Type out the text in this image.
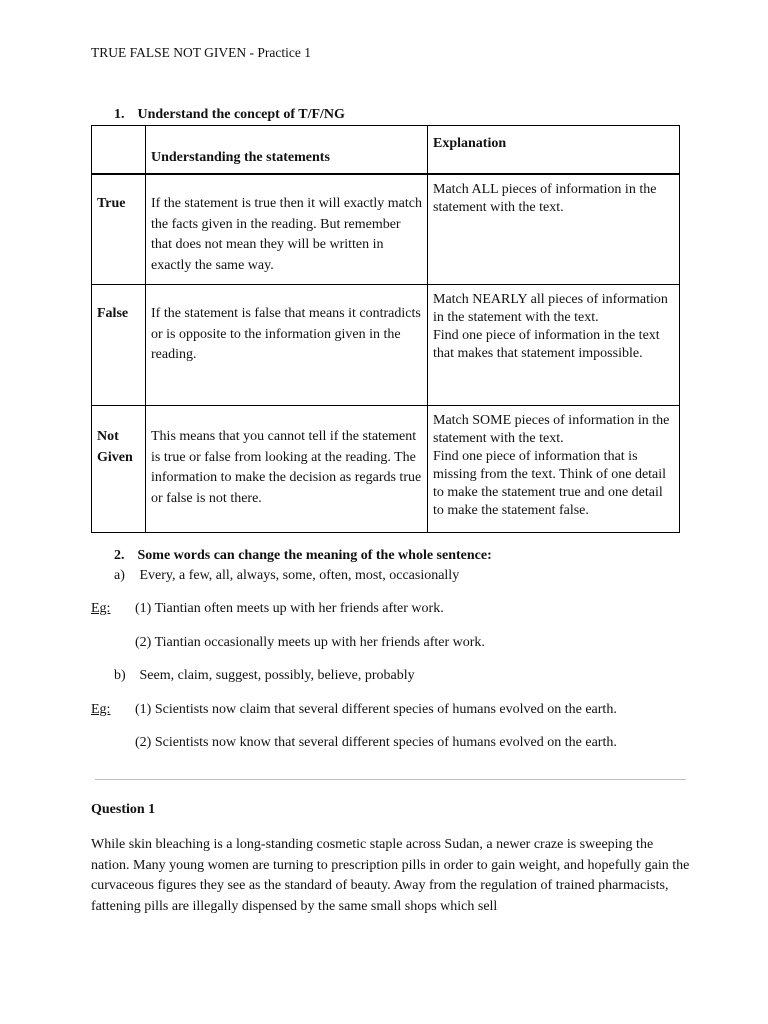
TRUE FALSE NOT GIVEN - Practice 1
1. Understand the concept of T/F/NG

	Understanding the statements	Explanation

True	If the statement is true then it will exactly match the facts given in the reading. But remember that does not mean they will be written in exactly the same way.	Match ALL pieces of information in the statement with the text.

False	If the statement is false that means it contradicts or is opposite to the information given in the reading.	Match NEARLY all pieces of information in the statement with the text.
Find one piece of information in the text that makes that statement impossible.

Not Given	This means that you cannot tell if the statement is true or false from looking at the reading. The information to make the decision as regards true or false is not there.	Match SOME pieces of information in the statement with the text.
Find one piece of information that is missing from the text. Think of one detail to make the statement true and one detail to make the statement false.
2. Some words can change the meaning of the whole sentence:
a) Every, a few, all, always, some, often, most, occasionally
Eg: (1) Tiantian often meets up with her friends after work.
(2) Tiantian occasionally meets up with her friends after work.
b) Seem, claim, suggest, possibly, believe, probably
Eg: (1) Scientists now claim that several different species of humans evolved on the earth.
(2) Scientists now know that several different species of humans evolved on the earth.
Question 1
While skin bleaching is a long-standing cosmetic staple across Sudan, a newer craze is sweeping the nation. Many young women are turning to prescription pills in order to gain weight, and hopefully gain the curvaceous figures they see as the standard of beauty. Away from the regulation of trained pharmacists, fattening pills are illegally dispensed by the same small shops which sell
